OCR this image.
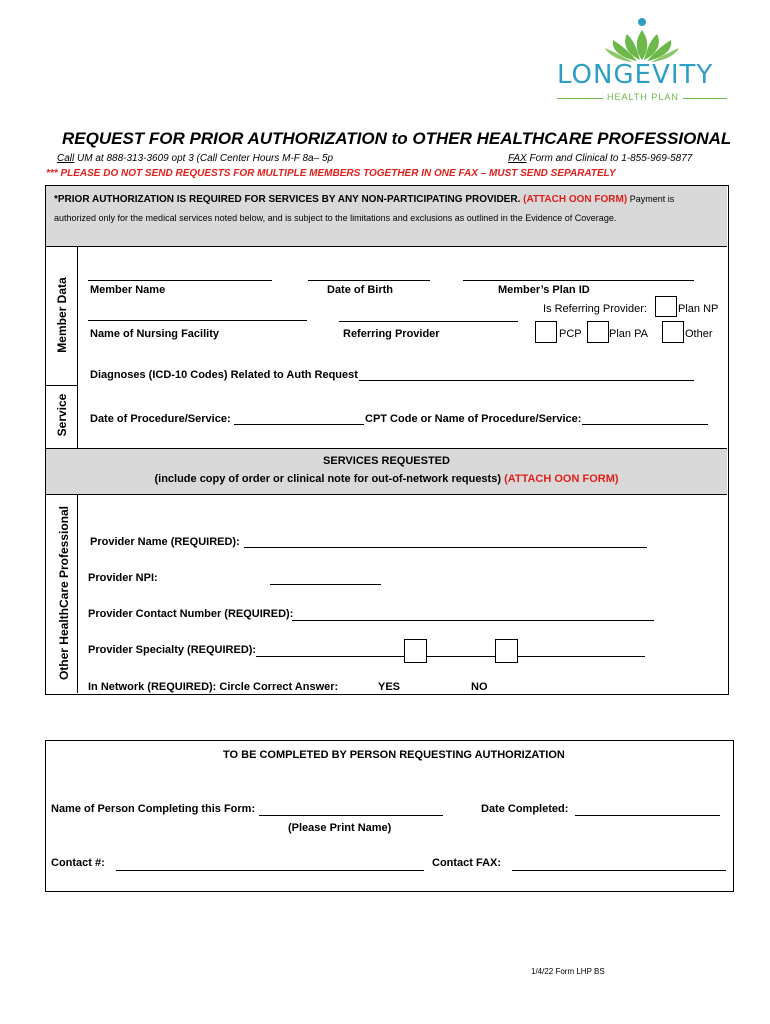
LONGEVITY
HEALTH PLAN
REQUEST FOR PRIOR AUTHORIZATION to OTHER HEALTHCARE PROFESSIONAL
Call UM at 888-313-3609 opt 3 (Call Center Hours M-F 8a– 5p	FAX Form and Clinical to 1-855-969-5877
*** PLEASE DO NOT SEND REQUESTS FOR MULTIPLE MEMBERS TOGETHER IN ONE FAX – MUST SEND SEPARATELY
*PRIOR AUTHORIZATION IS REQUIRED FOR SERVICES BY ANY NON-PARTICIPATING PROVIDER. (ATTACH OON FORM) Payment is
authorized only for the medical services noted below, and is subject to the limitations and exclusions as outlined in the Evidence of Coverage.
Member Data
Service
Other HealthCare Professional
Member Name	Date of Birth	Member’s Plan ID
Is Referring Provider:	Plan NP
Name of Nursing Facility	Referring Provider	PCP Plan PA	Other
Diagnoses (ICD-10 Codes) Related to Auth Request
Date of Procedure/Service:	CPT Code or Name of Procedure/Service:
SERVICES REQUESTED
(include copy of order or clinical note for out-of-network requests) (ATTACH OON FORM)
Provider Name (REQUIRED):
Provider NPI:
Provider Contact Number (REQUIRED):
Provider Specialty (REQUIRED):
In Network (REQUIRED): Circle Correct Answer:	YES	NO
TO BE COMPLETED BY PERSON REQUESTING AUTHORIZATION
Name of Person Completing this Form:	Date Completed:
(Please Print Name)
Contact #:	Contact FAX:
1/4/22 Form LHP BS
